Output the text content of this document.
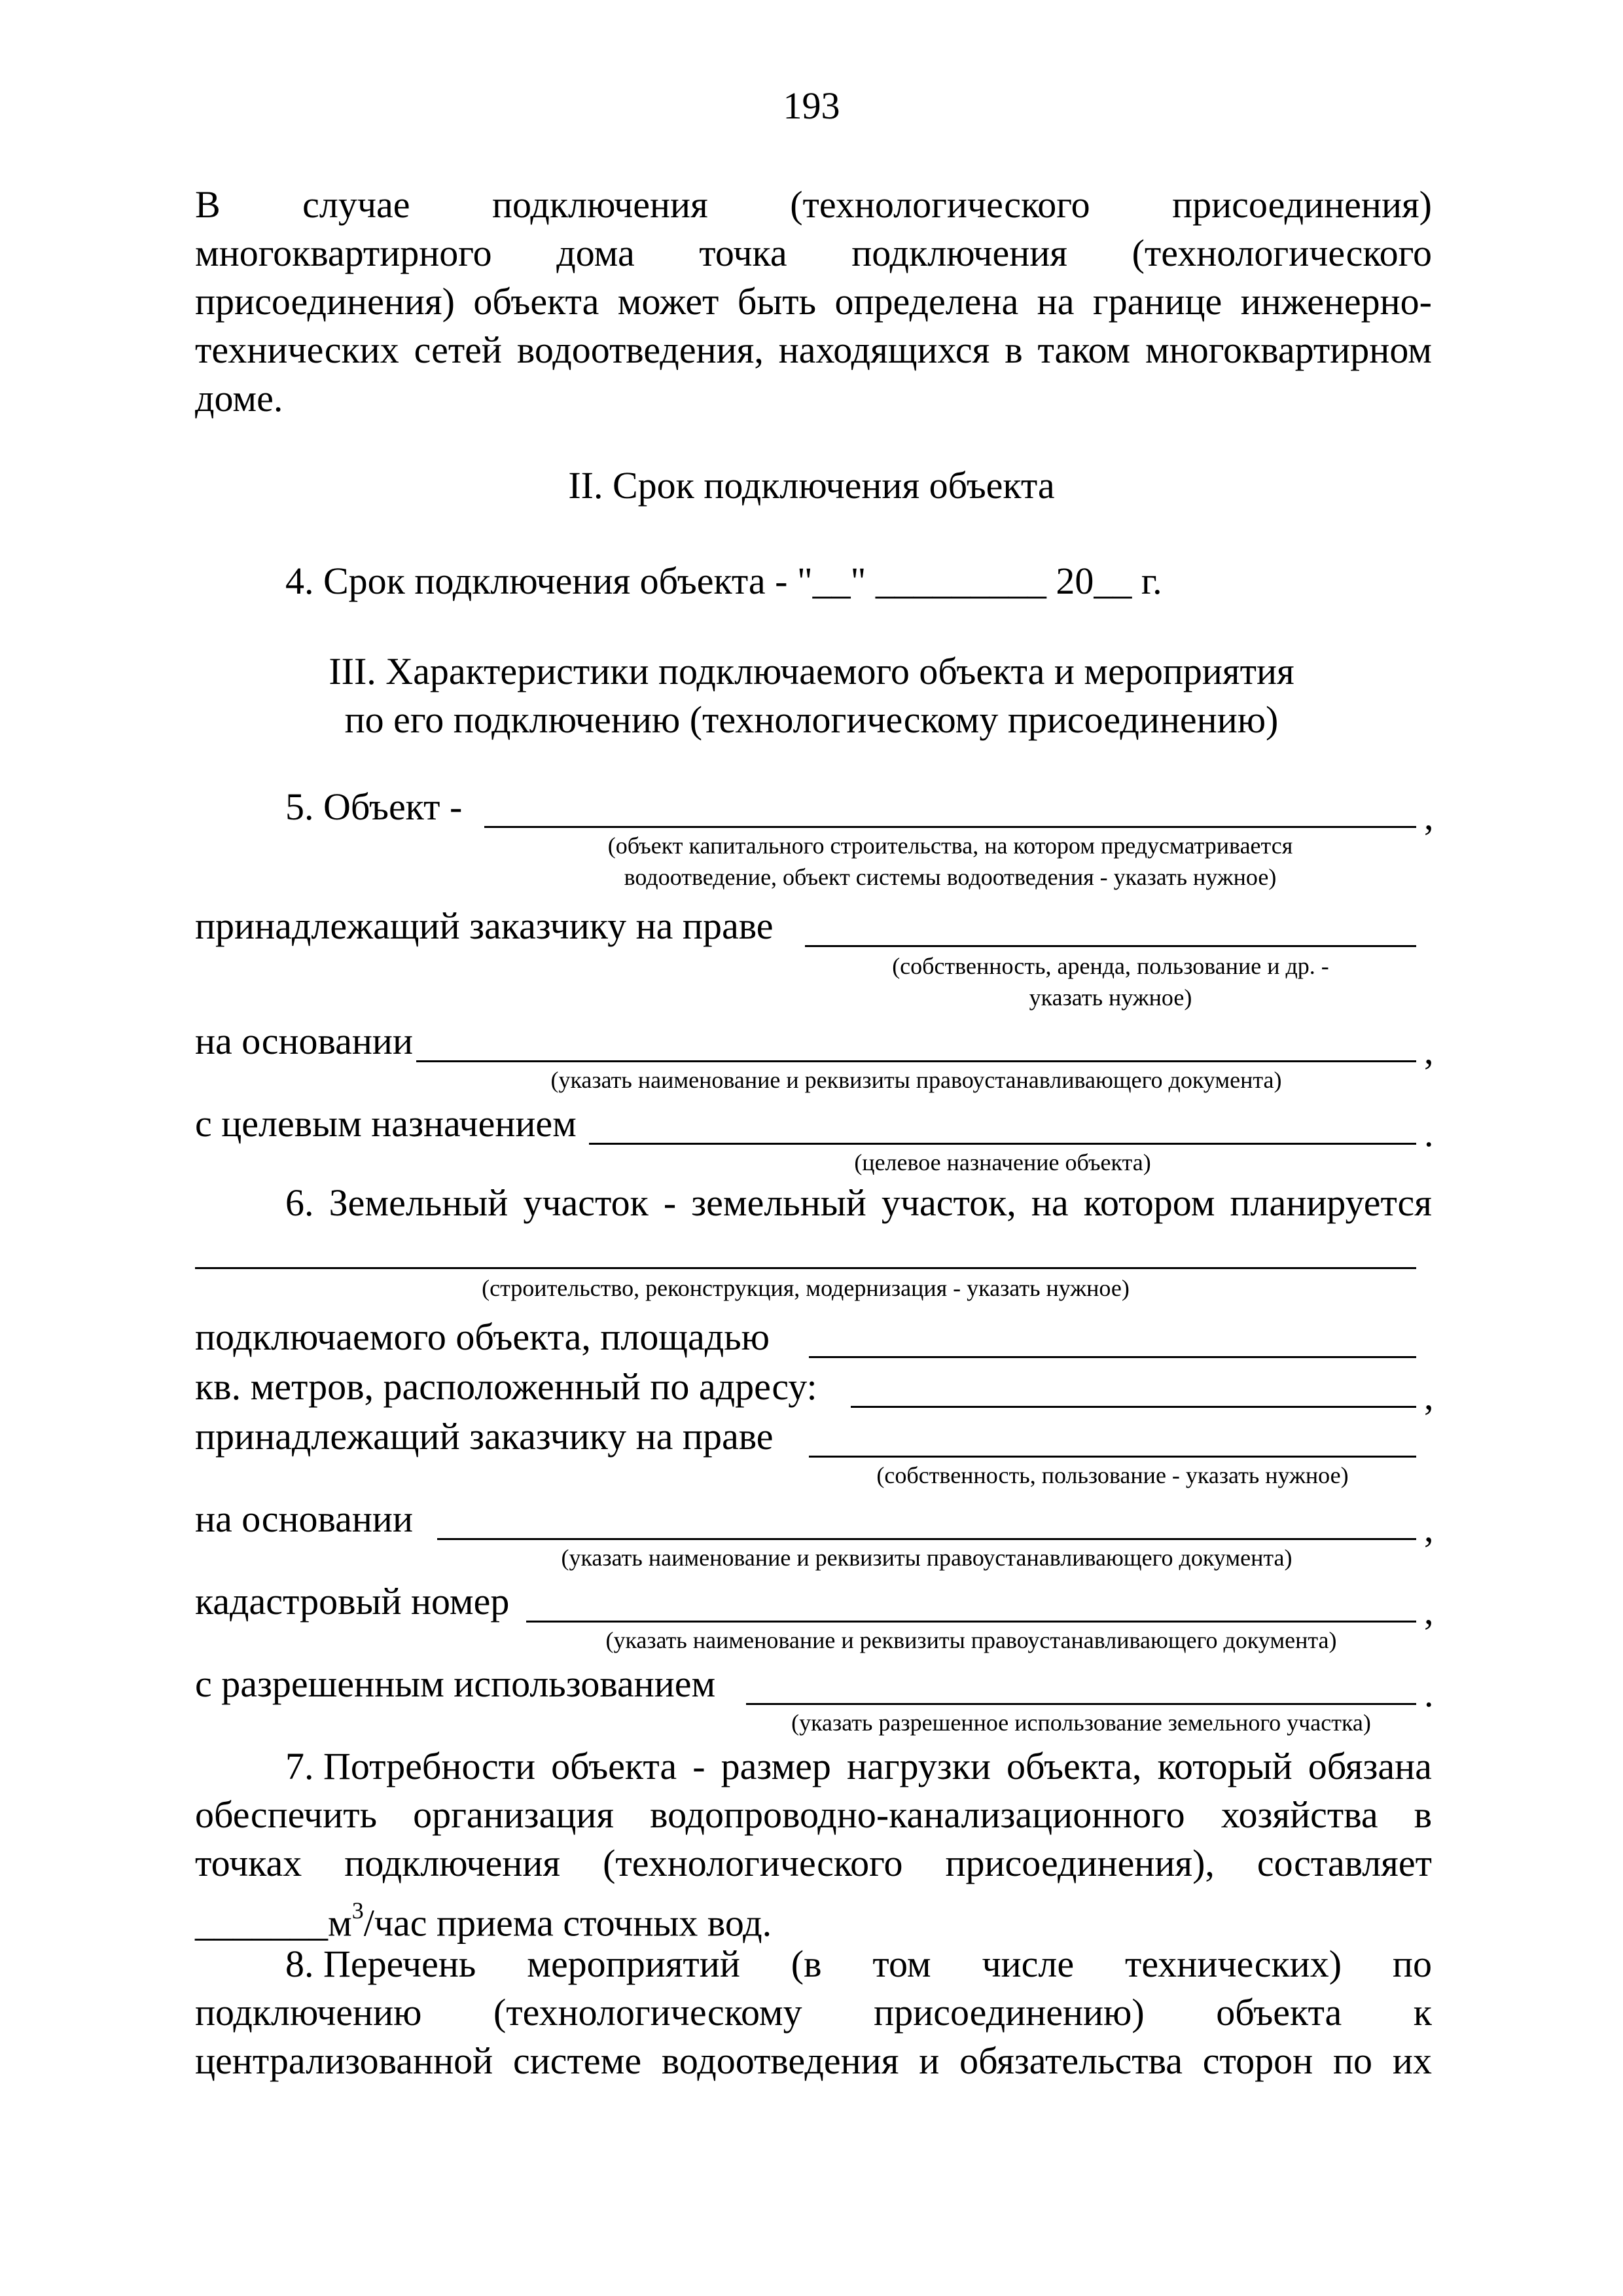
193
В случае подключения (технологического присоединения)
многоквартирного дома точка подключения (технологического
присоединения) объекта может быть определена на границе инженерно-
технических сетей водоотведения, находящихся в таком многоквартирном
доме.
II. Срок подключения объекта
4. Срок подключения объекта - "__" _________ 20__ г.
III. Характеристики подключаемого объекта и мероприятия
по его подключению (технологическому присоединению)
5. Объект -	,
(объект капитального строительства, на котором предусматривается
водоотведение, объект системы водоотведения - указать нужное)
принадлежащий заказчику на праве
(собственность, аренда, пользование и др. -
указать нужное)
на основании	,
(указать наименование и реквизиты правоустанавливающего документа)
с целевым назначением	.
(целевое назначение объекта)
6. Земельный участок - земельный участок, на котором планируется
(строительство, реконструкция, модернизация - указать нужное)
подключаемого объекта, площадью
кв. метров, расположенный по адресу:	,
принадлежащий заказчику на праве
(собственность, пользование - указать нужное)
на основании	,
(указать наименование и реквизиты правоустанавливающего документа)
кадастровый номер	,
(указать наименование и реквизиты правоустанавливающего документа)
с разрешенным использованием	.
(указать разрешенное использование земельного участка)
7. Потребности объекта - размер нагрузки объекта, который обязана
обеспечить организация водопроводно-канализационного хозяйства в
точках подключения (технологического присоединения), составляет
$\_\_\_\_\_\_\_м^3$/час приема сточных вод.
8. Перечень мероприятий (в том числе технических) по
подключению (технологическому присоединению) объекта к
централизованной системе водоотведения и обязательства сторон по их
